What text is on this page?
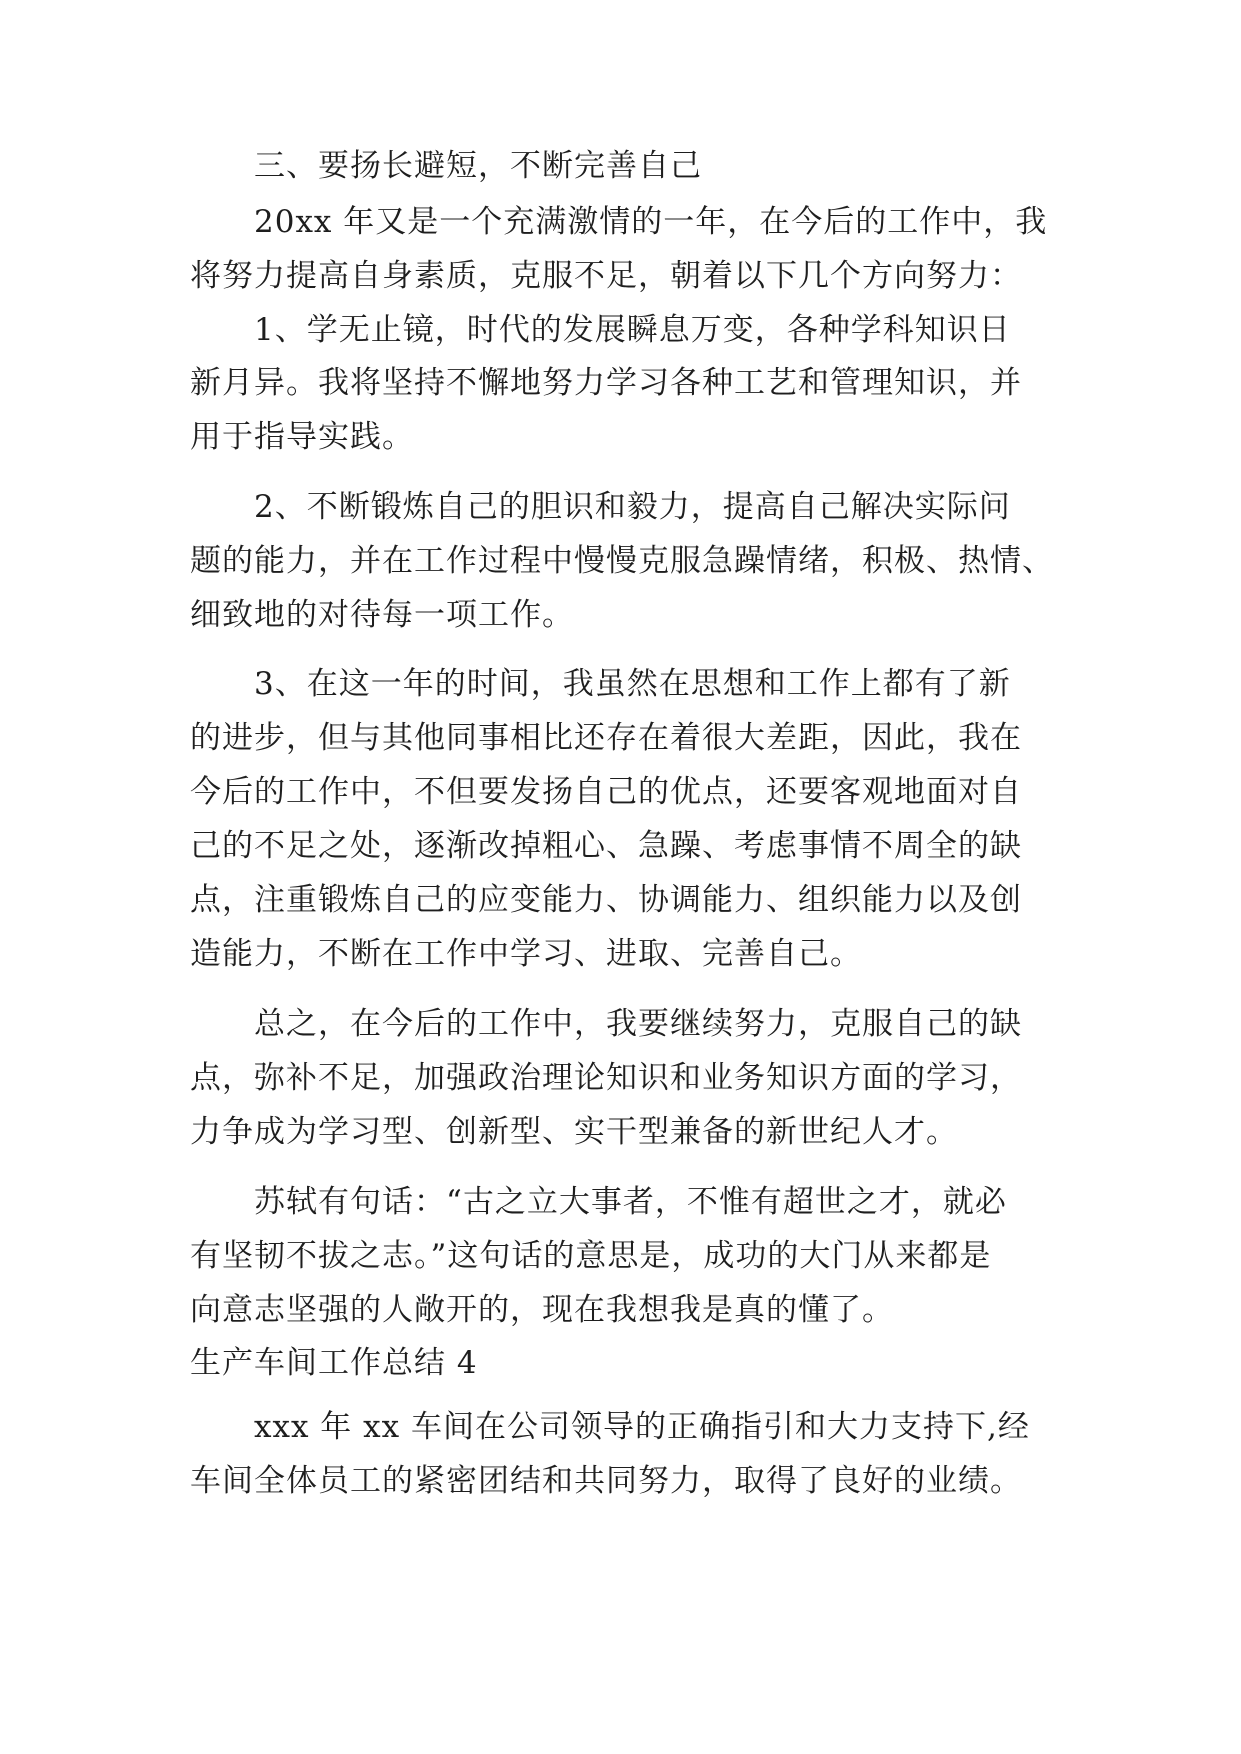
三、要扬长避短，不断完善自己
20xx 年又是一个充满激情的一年，在今后的工作中，我
将努力提高自身素质，克服不足，朝着以下几个方向努力：
1、学无止镜，时代的发展瞬息万变，各种学科知识日
新月异。我将坚持不懈地努力学习各种工艺和管理知识，并
用于指导实践。
2、不断锻炼自己的胆识和毅力，提高自己解决实际问
题的能力，并在工作过程中慢慢克服急躁情绪，积极、热情、
细致地的对待每一项工作。
3、在这一年的时间，我虽然在思想和工作上都有了新
的进步，但与其他同事相比还存在着很大差距，因此，我在
今后的工作中，不但要发扬自己的优点，还要客观地面对自
己的不足之处，逐渐改掉粗心、急躁、考虑事情不周全的缺
点，注重锻炼自己的应变能力、协调能力、组织能力以及创
造能力，不断在工作中学习、进取、完善自己。
总之，在今后的工作中，我要继续努力，克服自己的缺
点，弥补不足，加强政治理论知识和业务知识方面的学习，
力争成为学习型、创新型、实干型兼备的新世纪人才。
苏轼有句话：“古之立大事者，不惟有超世之才，就必
有坚韧不拔之志。”这句话的意思是，成功的大门从来都是
向意志坚强的人敞开的，现在我想我是真的懂了。
生产车间工作总结 4
xxx 年 xx 车间在公司领导的正确指引和大力支持下,经
车间全体员工的紧密团结和共同努力，取得了良好的业绩。
